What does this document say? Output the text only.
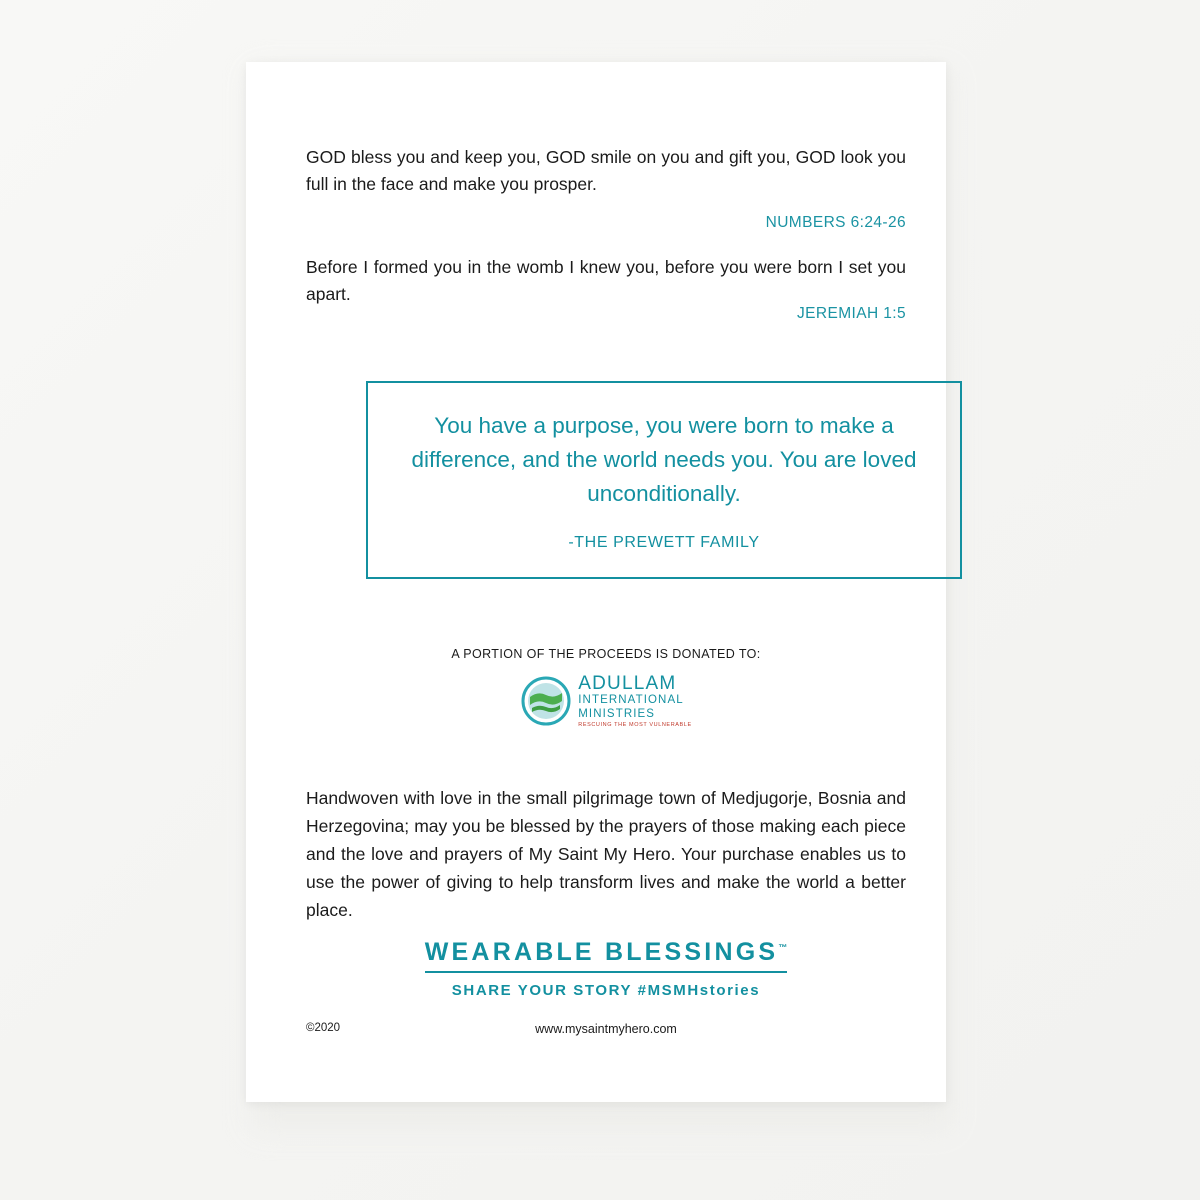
GOD bless you and keep you, GOD smile on you and gift you, GOD look you full in the face and make you prosper.

NUMBERS 6:24-26

Before I formed you in the womb I knew you, before you were born I set you apart.

JEREMIAH 1:5

You have a purpose, you were born to make a difference, and the world needs you. You are loved unconditionally.
-THE PREWETT FAMILY
A PORTION OF THE PROCEEDS IS DONATED TO:
ADULLAM
INTERNATIONAL
MINISTRIES
RESCUING THE MOST VULNERABLE
Handwoven with love in the small pilgrimage town of Medjugorje, Bosnia and Herzegovina; may you be blessed by the prayers of those making each piece and the love and prayers of My Saint My Hero. Your purchase enables us to use the power of giving to help transform lives and make the world a better place.
WEARABLE BLESSINGS™
SHARE YOUR STORY #MSMHstories
www.mysaintmyhero.com
©2020
